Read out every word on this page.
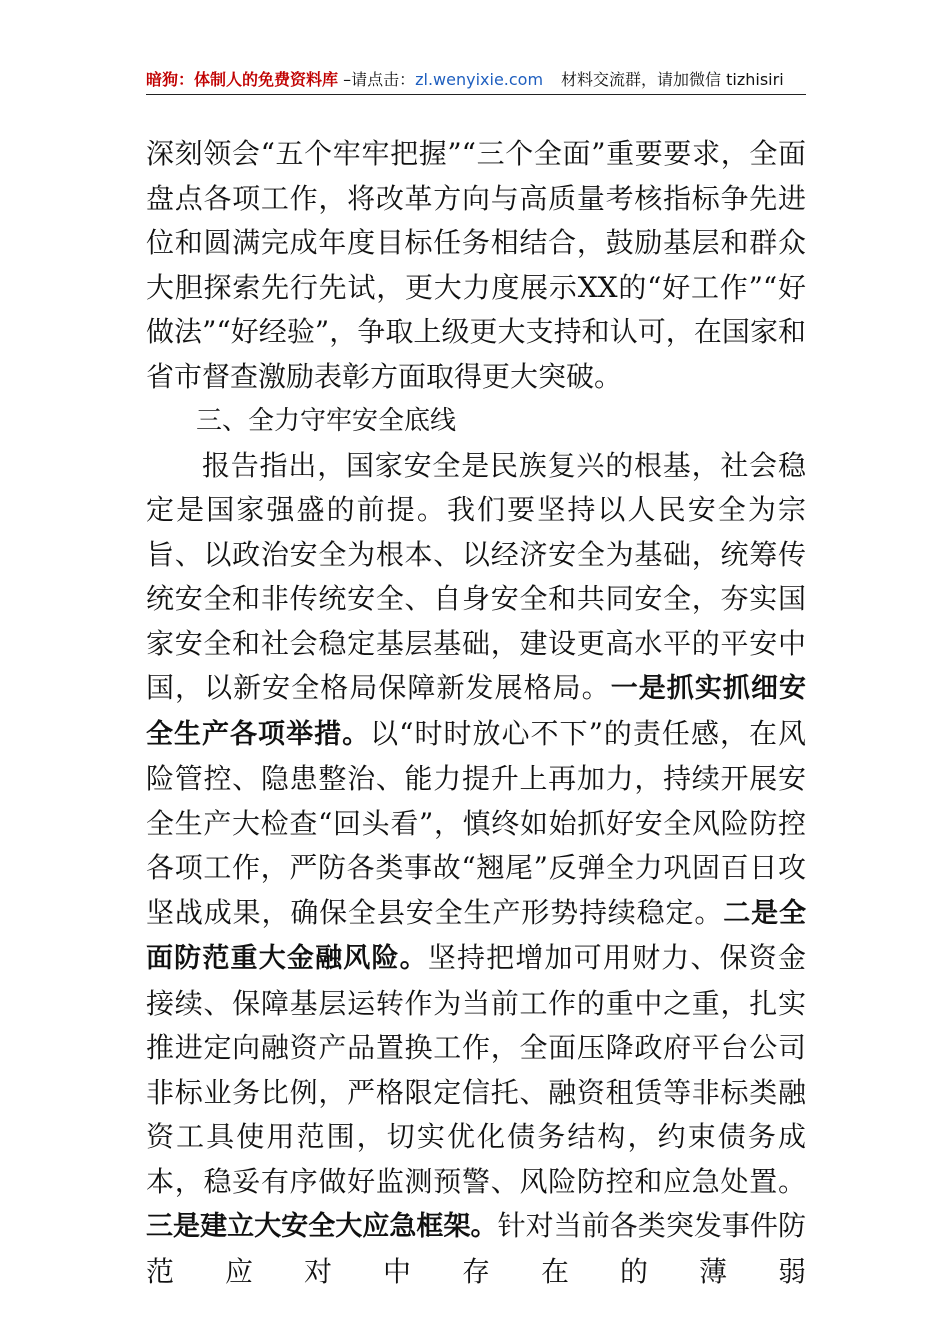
暗狗：体制人的免费资料库 –请点击：zl.wenyixie.com 材料交流群，请加微信 tizhisiri

深刻领会“五个牢牢把握”“三个全面”重要要求，全面盘点各项工作，将改革方向与高质量考核指标争先进位和圆满完成年度目标任务相结合，鼓励基层和群众大胆探索先行先试，更大力度展示XX的“好工作”“好做法”“好经验”，争取上级更大支持和认可，在国家和省市督查激励表彰方面取得更大突破。

三、全力守牢安全底线

报告指出，国家安全是民族复兴的根基，社会稳定是国家强盛的前提。我们要坚持以人民安全为宗旨、以政治安全为根本、以经济安全为基础，统筹传统安全和非传统安全、自身安全和共同安全，夯实国家安全和社会稳定基层基础，建设更高水平的平安中国，以新安全格局保障新发展格局。一是抓实抓细安全生产各项举措。以“时时放心不下”的责任感，在风险管控、隐患整治、能力提升上再加力，持续开展安全生产大检查“回头看”，慎终如始抓好安全风险防控各项工作，严防各类事故“翘尾”反弹全力巩固百日攻坚战成果，确保全县安全生产形势持续稳定。二是全面防范重大金融风险。坚持把增加可用财力、保资金接续、保障基层运转作为当前工作的重中之重，扎实推进定向融资产品置换工作，全面压降政府平台公司非标业务比例，严格限定信托、融资租赁等非标类融资工具使用范围，切实优化债务结构，约束债务成本，稳妥有序做好监测预警、风险防控和应急处置。三是建立大安全大应急框架。针对当前各类突发事件防范应对中存在的薄弱
